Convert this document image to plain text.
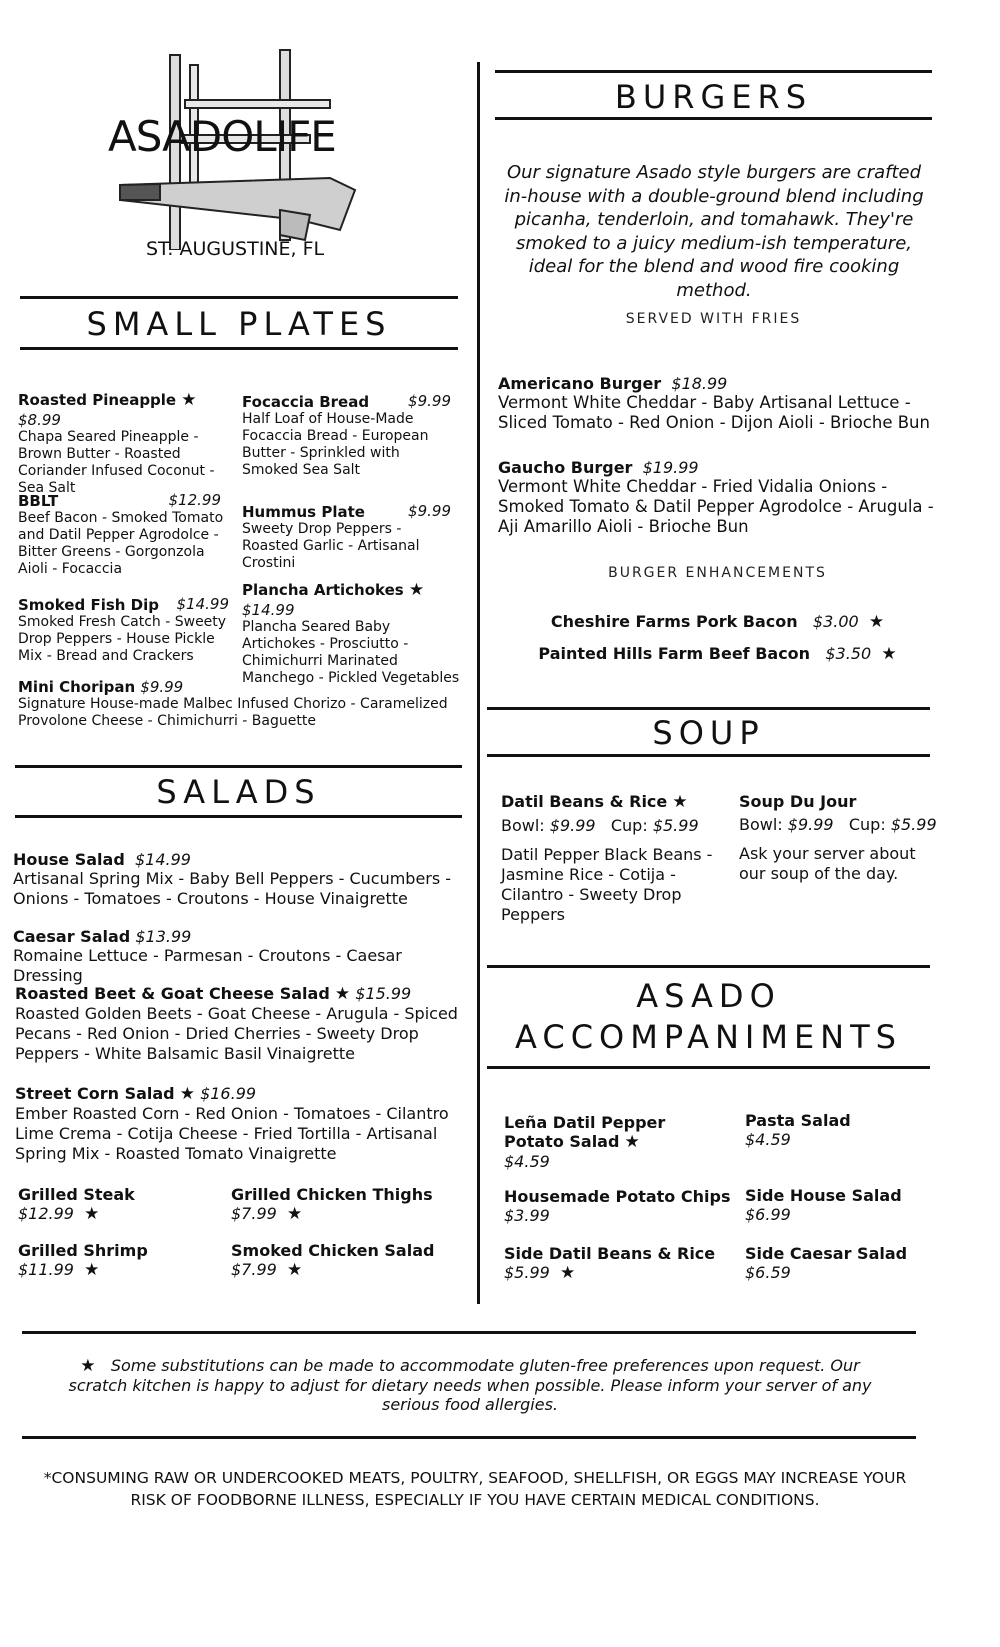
ASADOLIFE
ST. AUGUSTINE, FL
SMALL PLATES
Roasted Pineapple ★ $8.99
Chapa Seared Pineapple - Brown Butter - Roasted Coriander Infused Coconut - Sea Salt
Focaccia Bread	$9.99
Half Loaf of House-Made Focaccia Bread - European Butter - Sprinkled with Smoked Sea Salt
BBLT	$12.99
Beef Bacon - Smoked Tomato and Datil Pepper Agrodolce - Bitter Greens - Gorgonzola Aioli - Focaccia
Hummus Plate	$9.99
Sweety Drop Peppers - Roasted Garlic - Artisanal Crostini
Plancha Artichokes ★ $14.99
Plancha Seared Baby Artichokes - Prosciutto - Chimichurri Marinated Manchego - Pickled Vegetables
Smoked Fish Dip $14.99
Smoked Fresh Catch - Sweety Drop Peppers - House Pickle Mix - Bread and Crackers
Mini Choripan $9.99
Signature House-made Malbec Infused Chorizo - Caramelized Provolone Cheese - Chimichurri - Baguette
SALADS
House Salad $14.99
Artisanal Spring Mix - Baby Bell Peppers - Cucumbers - Onions - Tomatoes - Croutons - House Vinaigrette
Caesar Salad $13.99
Romaine Lettuce - Parmesan - Croutons - Caesar Dressing
Roasted Beet & Goat Cheese Salad ★ $15.99
Roasted Golden Beets - Goat Cheese - Arugula - Spiced Pecans - Red Onion - Dried Cherries - Sweety Drop Peppers - White Balsamic Basil Vinaigrette
Street Corn Salad ★ $16.99
Ember Roasted Corn - Red Onion - Tomatoes - Cilantro Lime Crema - Cotija Cheese - Fried Tortilla - Artisanal Spring Mix - Roasted Tomato Vinaigrette
Grilled Steak
$12.99 ★
Grilled Chicken Thighs
$7.99 ★
Grilled Shrimp
$11.99 ★
Smoked Chicken Salad
$7.99 ★
BURGERS
Our signature Asado style burgers are crafted in-house with a double-ground blend including picanha, tenderloin, and tomahawk. They're smoked to a juicy medium-ish temperature, ideal for the blend and wood fire cooking method.
SERVED WITH FRIES
Americano Burger $18.99
Vermont White Cheddar - Baby Artisanal Lettuce - Sliced Tomato - Red Onion - Dijon Aioli - Brioche Bun
Gaucho Burger $19.99
Vermont White Cheddar - Fried Vidalia Onions - Smoked Tomato & Datil Pepper Agrodolce - Arugula - Aji Amarillo Aioli - Brioche Bun
BURGER ENHANCEMENTS
Cheshire Farms Pork Bacon $3.00 ★
Painted Hills Farm Beef Bacon $3.50 ★
SOUP
Datil Beans & Rice ★
Bowl: $9.99 Cup: $5.99
Datil Pepper Black Beans - Jasmine Rice - Cotija - Cilantro - Sweety Drop Peppers
Soup Du Jour
Bowl: $9.99 Cup: $5.99
Ask your server about our soup of the day.
ASADO
ACCOMPANIMENTS
Leña Datil Pepper Potato Salad ★
$4.59
Pasta Salad
$4.59
Housemade Potato Chips
$3.99
Side House Salad
$6.99
Side Datil Beans & Rice
$5.99 ★
Side Caesar Salad
$6.59
★ Some substitutions can be made to accommodate gluten-free preferences upon request. Our scratch kitchen is happy to adjust for dietary needs when possible. Please inform your server of any serious food allergies.
*CONSUMING RAW OR UNDERCOOKED MEATS, POULTRY, SEAFOOD, SHELLFISH, OR EGGS MAY INCREASE YOUR RISK OF FOODBORNE ILLNESS, ESPECIALLY IF YOU HAVE CERTAIN MEDICAL CONDITIONS.
